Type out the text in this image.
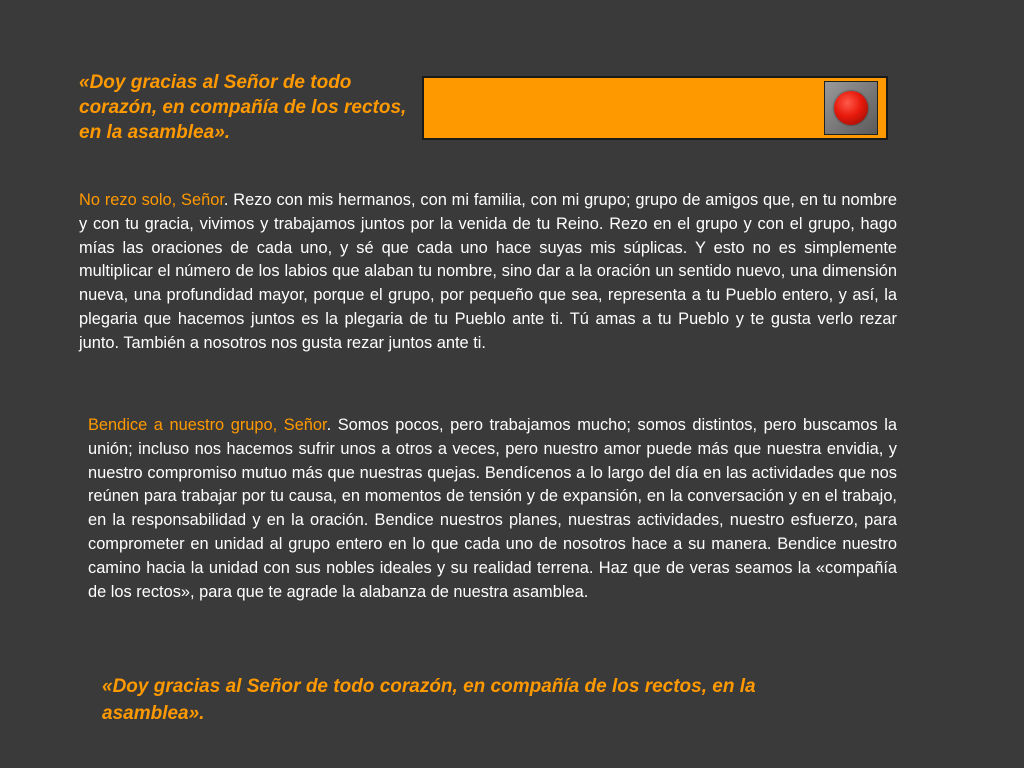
«Doy gracias al Señor de todo corazón, en compañía de los rectos, en la asamblea».

No rezo solo, Señor. Rezo con mis hermanos, con mi familia, con mi grupo; grupo de amigos que, en tu nombre y con tu gracia, vivimos y trabajamos juntos por la venida de tu Reino. Rezo en el grupo y con el grupo, hago mías las oraciones de cada uno, y sé que cada uno hace suyas mis súplicas. Y esto no es simplemente multiplicar el número de los labios que alaban tu nombre, sino dar a la oración un sentido nuevo, una dimensión nueva, una profundidad mayor, porque el grupo, por pequeño que sea, representa a tu Pueblo entero, y así, la plegaria que hacemos juntos es la plegaria de tu Pueblo ante ti. Tú amas a tu Pueblo y te gusta verlo rezar junto. También a nosotros nos gusta rezar juntos ante ti.

Bendice a nuestro grupo, Señor. Somos pocos, pero trabajamos mucho; somos distintos, pero buscamos la unión; incluso nos hacemos sufrir unos a otros a veces, pero nuestro amor puede más que nuestra envidia, y nuestro compromiso mutuo más que nuestras quejas. Bendícenos a lo largo del día en las actividades que nos reúnen para trabajar por tu causa, en momentos de tensión y de expansión, en la conversación y en el trabajo, en la responsabilidad y en la oración. Bendice nuestros planes, nuestras actividades, nuestro esfuerzo, para comprometer en unidad al grupo entero en lo que cada uno de nosotros hace a su manera. Bendice nuestro camino hacia la unidad con sus nobles ideales y su realidad terrena. Haz que de veras seamos la «compañía de los rectos», para que te agrade la alabanza de nuestra asamblea.

«Doy gracias al Señor de todo corazón, en compañía de los rectos, en la asamblea».
